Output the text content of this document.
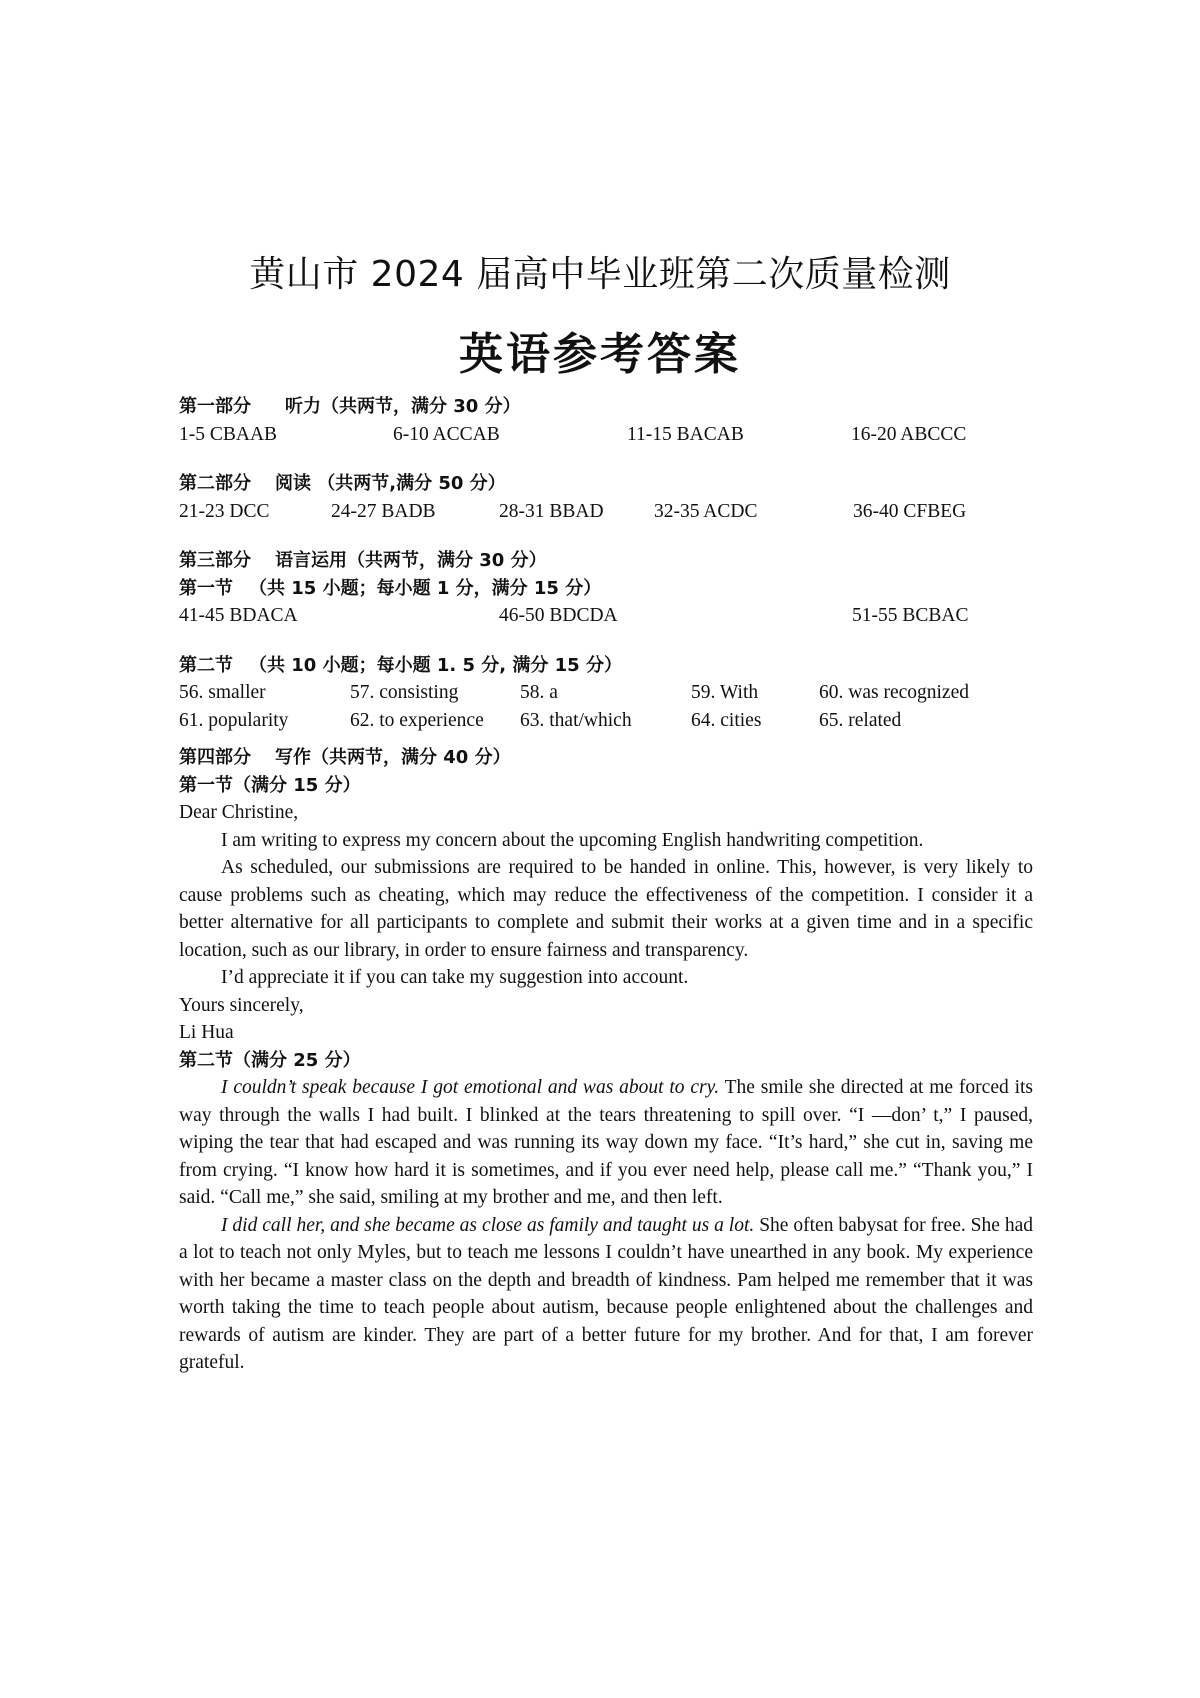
黄山市 2024 届高中毕业班第二次质量检测
英语参考答案
第一部分 听力（共两节，满分 30 分）
1-5 CBAAB	6-10 ACCAB	11-15 BACAB	16-20 ABCCC
第二部分 阅读 （共两节,满分 50 分）
21-23 DCC	24-27 BADB	28-31 BBAD	32-35 ACDC	36-40 CFBEG
第三部分 语言运用（共两节，满分 30 分）
第一节 （共 15 小题；每小题 1 分，满分 15 分）
41-45 BDACA	46-50 BDCDA	51-55 BCBAC
第二节 （共 10 小题；每小题 1. 5 分, 满分 15 分）
56. smaller	57. consisting	58. a	59. With	60. was recognized
61. popularity	62. to experience 63. that/which	64. cities	65. related
第四部分 写作（共两节，满分 40 分）
第一节（满分 15 分）
Dear Christine,
I am writing to express my concern about the upcoming English handwriting competition.
As scheduled, our submissions are required to be handed in online. This, however, is very likely to cause problems such as cheating, which may reduce the effectiveness of the competition. I consider it a better alternative for all participants to complete and submit their works at a given time and in a specific location, such as our library, in order to ensure fairness and transparency.
I’d appreciate it if you can take my suggestion into account.
Yours sincerely,
Li Hua
第二节（满分 25 分）
I couldn’t speak because I got emotional and was about to cry. The smile she directed at me forced its way through the walls I had built. I blinked at the tears threatening to spill over. “I —don’ t,” I paused, wiping the tear that had escaped and was running its way down my face. “It’s hard,” she cut in, saving me from crying. “I know how hard it is sometimes, and if you ever need help, please call me.” “Thank you,” I said. “Call me,” she said, smiling at my brother and me, and then left.
I did call her, and she became as close as family and taught us a lot. She often babysat for free. She had a lot to teach not only Myles, but to teach me lessons I couldn’t have unearthed in any book. My experience with her became a master class on the depth and breadth of kindness. Pam helped me remember that it was worth taking the time to teach people about autism, because people enlightened about the challenges and rewards of autism are kinder. They are part of a better future for my brother. And for that, I am forever grateful.
